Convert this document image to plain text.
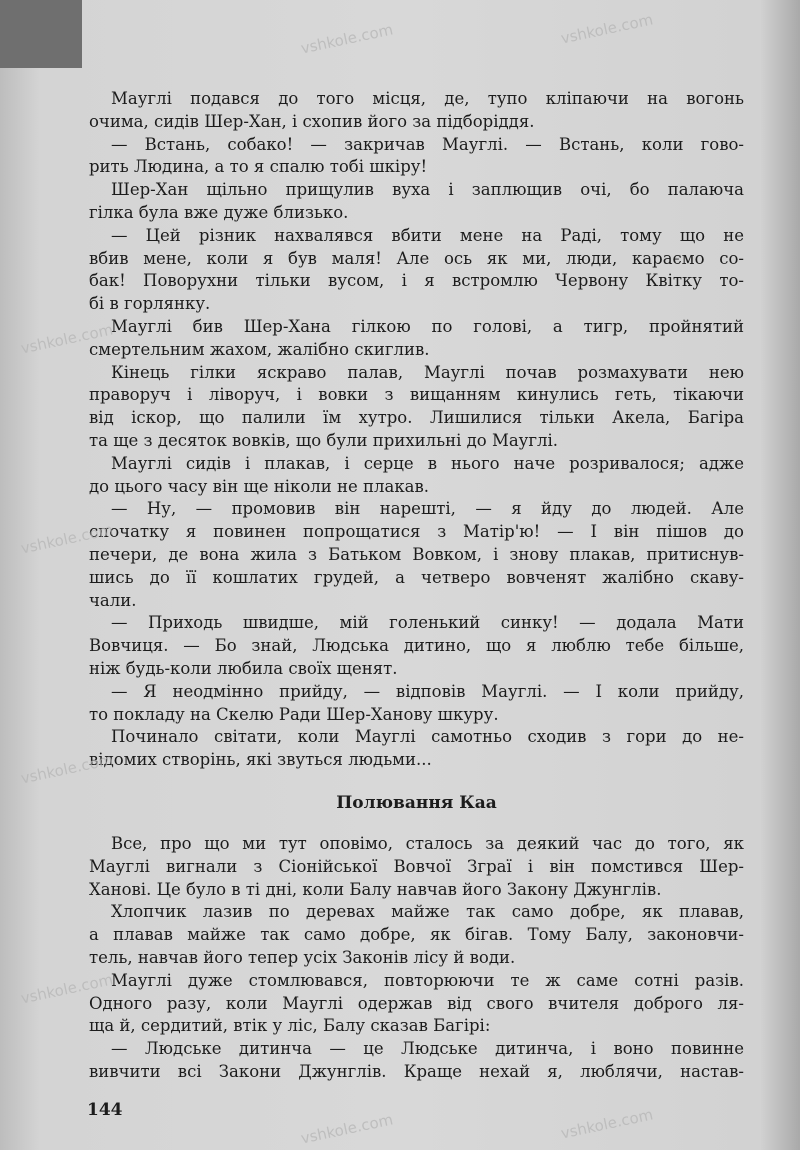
Мауглі подався до того місця, де, тупо кліпаючи на вогонь
очима, сидів Шер-Хан, і схопив його за підборіддя.
— Встань, собако! — закричав Мауглі. — Встань, коли гово-
рить Людина, а то я спалю тобі шкіру!
Шер-Хан щільно прищулив вуха і заплющив очі, бо палаюча
гілка була вже дуже близько.
— Цей різник нахвалявся вбити мене на Раді, тому що не
вбив мене, коли я був маля! Але ось як ми, люди, караємо со-
бак! Поворухни тільки вусом, і я встромлю Червону Квітку то-
бі в горлянку.
Мауглі бив Шер-Хана гілкою по голові, а тигр, пройнятий
смертельним жахом, жалібно скиглив.
Кінець гілки яскраво палав, Мауглі почав розмахувати нею
праворуч і ліворуч, і вовки з вищанням кинулись геть, тікаючи
від іскор, що палили їм хутро. Лишилися тільки Акела, Багіра
та ще з десяток вовків, що були прихильні до Мауглі.
Мауглі сидів і плакав, і серце в нього наче розривалося; адже
до цього часу він ще ніколи не плакав.
— Ну, — промовив він нарешті, — я йду до людей. Але
спочатку я повинен попрощатися з Матір'ю! — І він пішов до
печери, де вона жила з Батьком Вовком, і знову плакав, притиснув-
шись до її кошлатих грудей, а четверо вовченят жалібно скаву-
чали.
— Приходь швидше, мій голенький синку! — додала Мати
Вовчиця. — Бо знай, Людська дитино, що я люблю тебе більше,
ніж будь-коли любила своїх щенят.
— Я неодмінно прийду, — відповів Мауглі. — І коли прийду,
то покладу на Скелю Ради Шер-Ханову шкуру.
Починало світати, коли Мауглі самотньо сходив з гори до не-
відомих створінь, які звуться людьми...
Полювання Каа
Все, про що ми тут оповімо, сталось за деякий час до того, як
Мауглі вигнали з Сіонійської Вовчої Зграї і він помстився Шер-
Ханові. Це було в ті дні, коли Балу навчав його Закону Джунглів.
Хлопчик лазив по деревах майже так само добре, як плавав,
а плавав майже так само добре, як бігав. Тому Балу, законовчи-
тель, навчав його тепер усіх Законів лісу й води.
Мауглі дуже стомлювався, повторюючи те ж саме сотні разів.
Одного разу, коли Мауглі одержав від свого вчителя доброго ля-
ща й, сердитий, втік у ліс, Балу сказав Багірі:
— Людське дитинча — це Людське дитинча, і воно повинне
вивчити всі Закони Джунглів. Краще нехай я, люблячи, настав-
144
vshkole.com	vshkole.com
vshkole.com
vshkole.com
vshkole.com
vshkole.com
vshkole.com	vshkole.com
